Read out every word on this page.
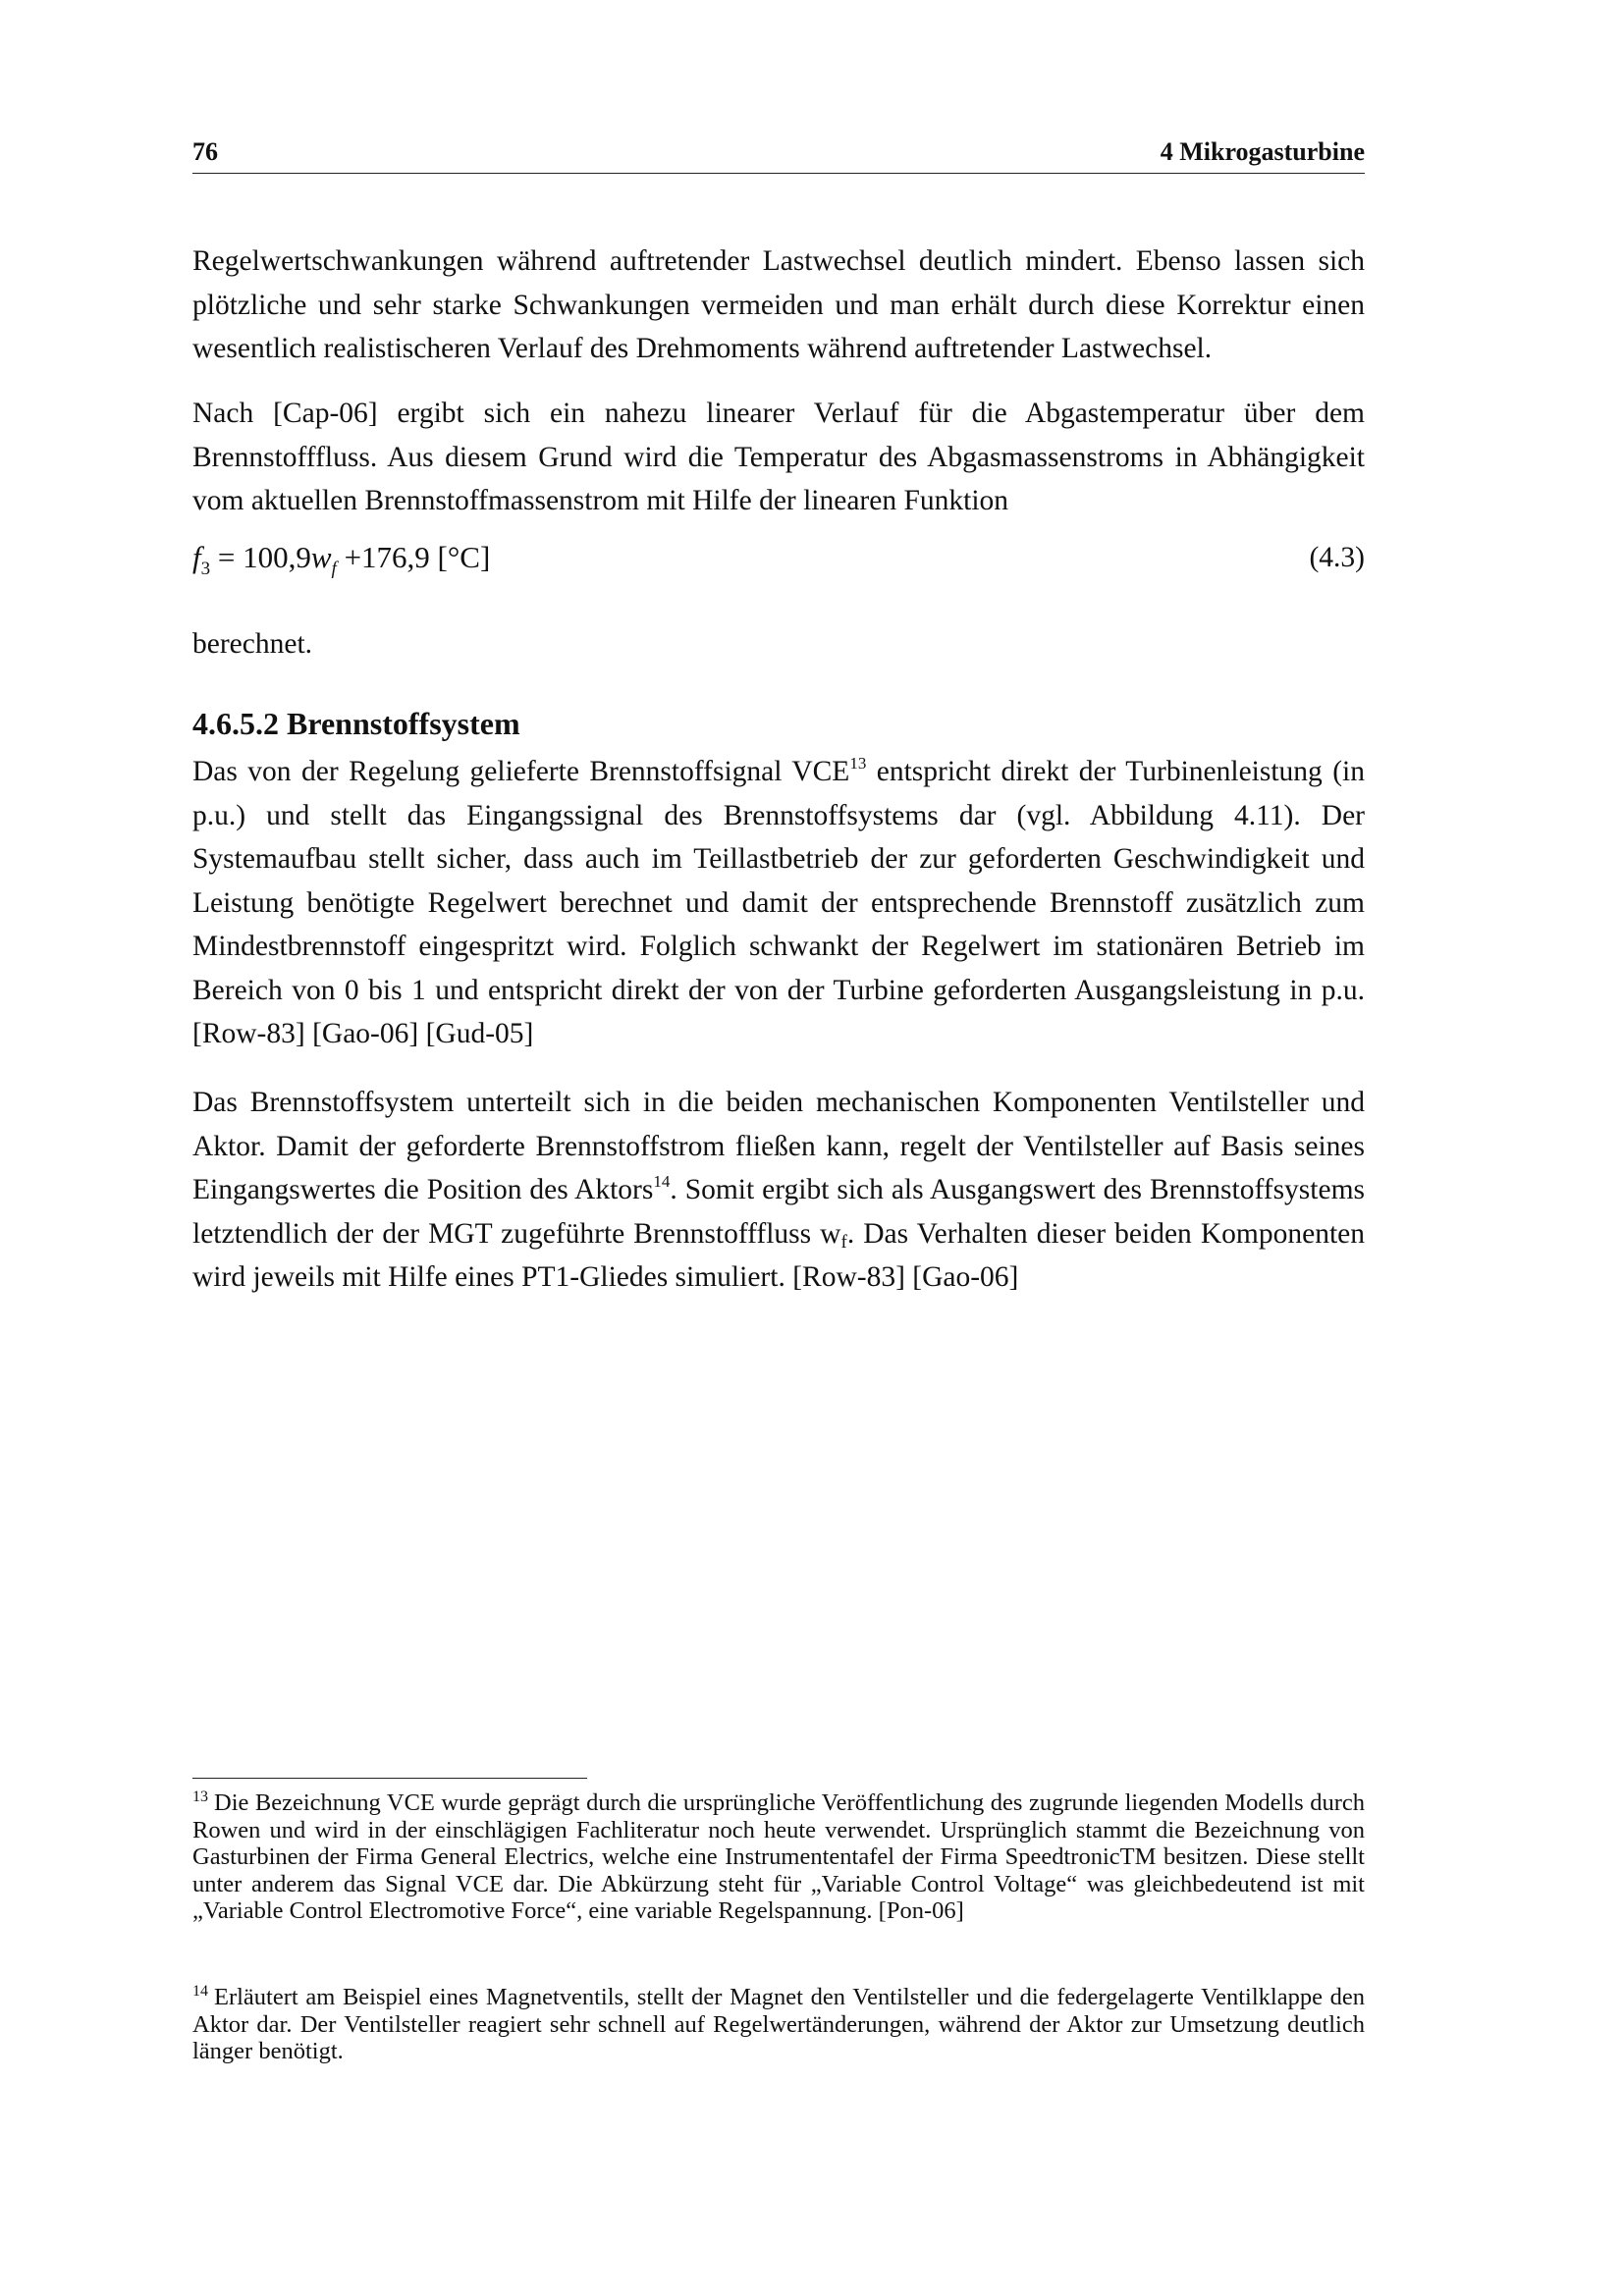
76	4 Mikrogasturbine

Regelwertschwankungen während auftretender Lastwechsel deutlich mindert. Ebenso lassen sich plötzliche und sehr starke Schwankungen vermeiden und man erhält durch diese Korrektur einen wesentlich realistischeren Verlauf des Drehmoments während auftretender Lastwechsel.

Nach [Cap-06] ergibt sich ein nahezu linearer Verlauf für die Abgastemperatur über dem Brennstofffluss. Aus diesem Grund wird die Temperatur des Abgasmassenstroms in Abhängigkeit vom aktuellen Brennstoffmassenstrom mit Hilfe der linearen Funktion

$f_3 = 100,9w_f +176,9$ [°C]	(4.3)

berechnet.

4.6.5.2 Brennstoffsystem

Das von der Regelung gelieferte Brennstoffsignal VCE$^{13}$ entspricht direkt der Turbinenleistung (in p.u.) und stellt das Eingangssignal des Brennstoffsystems dar (vgl. Abbildung 4.11). Der Systemaufbau stellt sicher, dass auch im Teillastbetrieb der zur geforderten Geschwindigkeit und Leistung benötigte Regelwert berechnet und damit der entsprechende Brennstoff zusätzlich zum Mindestbrennstoff eingespritzt wird. Folglich schwankt der Regelwert im stationären Betrieb im Bereich von 0 bis 1 und entspricht direkt der von der Turbine geforderten Ausgangsleistung in p.u. [Row-83] [Gao-06] [Gud-05]

Das Brennstoffsystem unterteilt sich in die beiden mechanischen Komponenten Ventilsteller und Aktor. Damit der geforderte Brennstoffstrom fließen kann, regelt der Ventilsteller auf Basis seines Eingangswertes die Position des Aktors$^{14}$. Somit ergibt sich als Ausgangswert des Brennstoffsystems letztendlich der der MGT zugeführte Brennstofffluss $w_f$. Das Verhalten dieser beiden Komponenten wird jeweils mit Hilfe eines PT1-Gliedes simuliert. [Row-83] [Gao-06]

$^{13}$ Die Bezeichnung VCE wurde geprägt durch die ursprüngliche Veröffentlichung des zugrunde liegenden Modells durch Rowen und wird in der einschlägigen Fachliteratur noch heute verwendet. Ursprünglich stammt die Bezeichnung von Gasturbinen der Firma General Electrics, welche eine Instrumententafel der Firma SpeedtronicTM besitzen. Diese stellt unter anderem das Signal VCE dar. Die Abkürzung steht für „Variable Control Voltage“ was gleichbedeutend ist mit „Variable Control Electromotive Force“, eine variable Regelspannung. [Pon-06]

$^{14}$ Erläutert am Beispiel eines Magnetventils, stellt der Magnet den Ventilsteller und die federgelagerte Ventilklappe den Aktor dar. Der Ventilsteller reagiert sehr schnell auf Regelwertänderungen, während der Aktor zur Umsetzung deutlich länger benötigt.
